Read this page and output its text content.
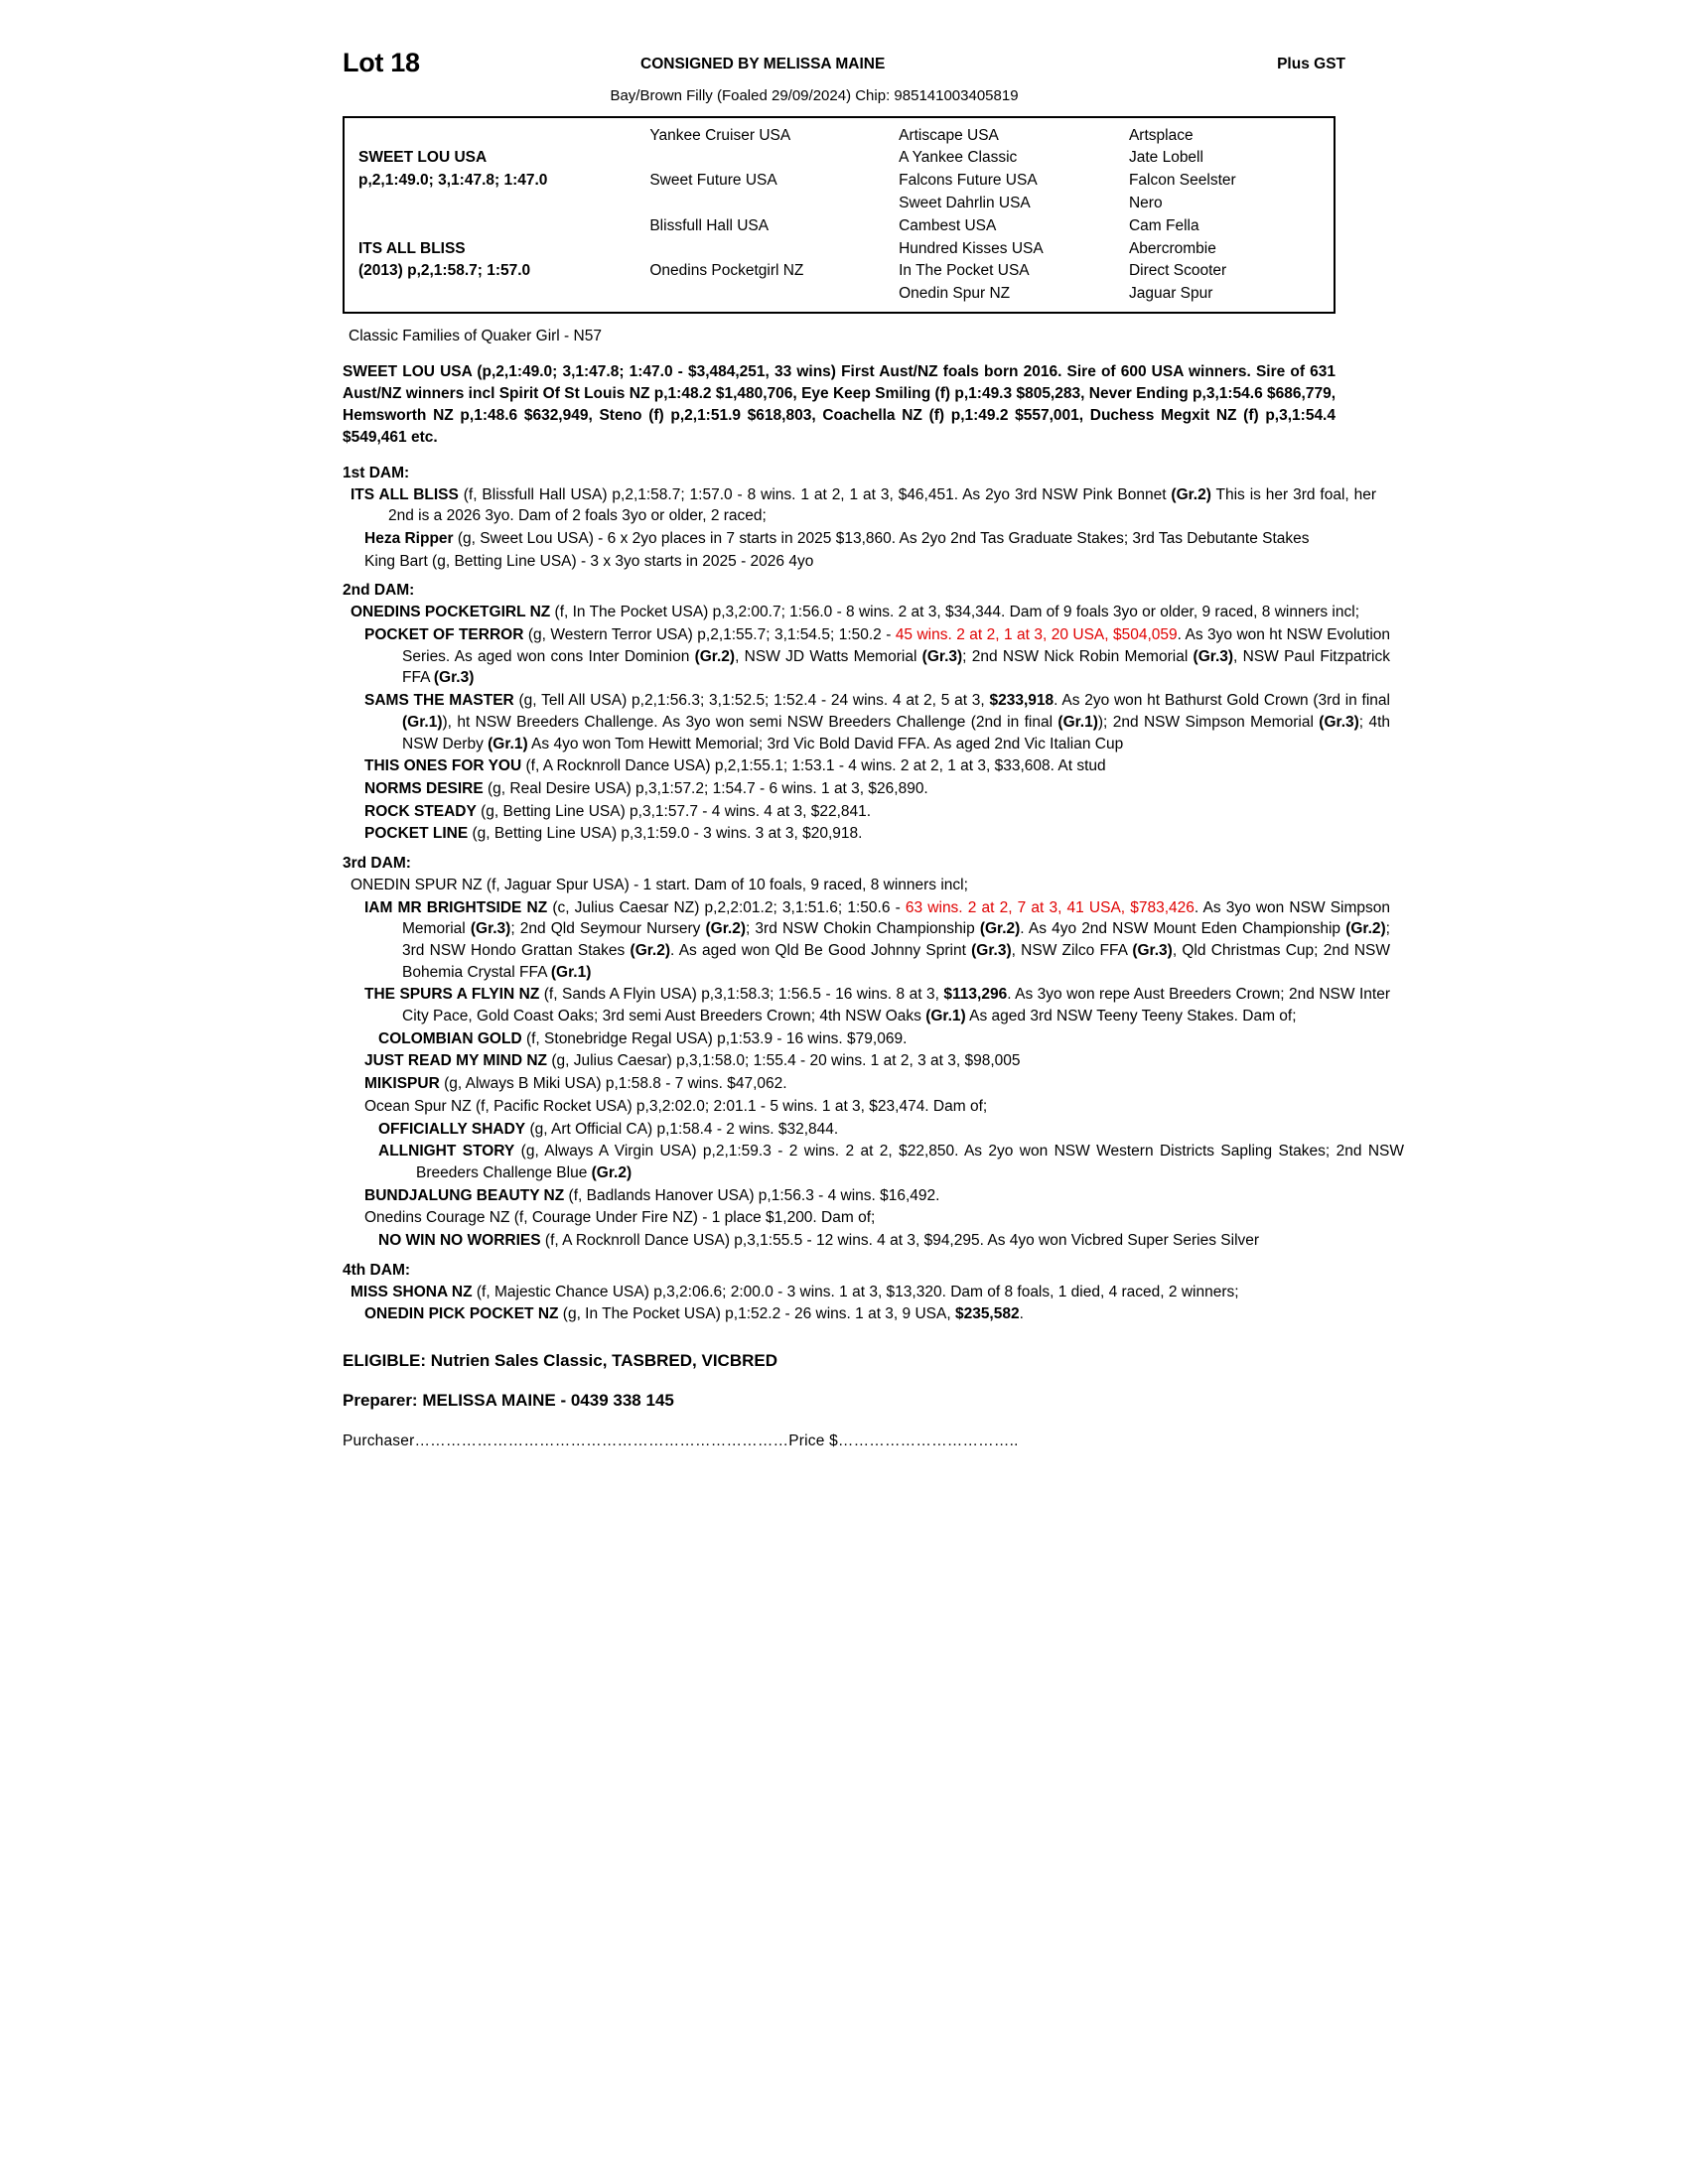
Lot 18	CONSIGNED BY MELISSA MAINE	Plus GST
Bay/Brown Filly (Foaled 29/09/2024) Chip: 985141003405819
	Yankee Cruiser USA	Artiscape USA	Artsplace
SWEET LOU USA		A Yankee Classic	Jate Lobell
p,2,1:49.0; 3,1:47.8; 1:47.0	Sweet Future USA	Falcons Future USA	Falcon Seelster
		Sweet Dahrlin USA	Nero
	Blissfull Hall USA	Cambest USA	Cam Fella
ITS ALL BLISS		Hundred Kisses USA	Abercrombie
(2013) p,2,1:58.7; 1:57.0	Onedins Pocketgirl NZ	In The Pocket USA	Direct Scooter
		Onedin Spur NZ	Jaguar Spur
Classic Families of Quaker Girl - N57
SWEET LOU USA (p,2,1:49.0; 3,1:47.8; 1:47.0 - $3,484,251, 33 wins) First Aust/NZ foals born 2016. Sire of 600 USA winners. Sire of 631 Aust/NZ winners incl Spirit Of St Louis NZ p,1:48.2 $1,480,706, Eye Keep Smiling (f) p,1:49.3 $805,283, Never Ending p,3,1:54.6 $686,779, Hemsworth NZ p,1:48.6 $632,949, Steno (f) p,2,1:51.9 $618,803, Coachella NZ (f) p,1:49.2 $557,001, Duchess Megxit NZ (f) p,3,1:54.4 $549,461 etc.
1st DAM:
ITS ALL BLISS (f, Blissfull Hall USA) p,2,1:58.7; 1:57.0 - 8 wins. 1 at 2, 1 at 3, $46,451. As 2yo 3rd NSW Pink Bonnet (Gr.2) This is her 3rd foal, her 2nd is a 2026 3yo. Dam of 2 foals 3yo or older, 2 raced;
Heza Ripper (g, Sweet Lou USA) - 6 x 2yo places in 7 starts in 2025 $13,860. As 2yo 2nd Tas Graduate Stakes; 3rd Tas Debutante Stakes
King Bart (g, Betting Line USA) - 3 x 3yo starts in 2025 - 2026 4yo
2nd DAM:
ONEDINS POCKETGIRL NZ (f, In The Pocket USA) p,3,2:00.7; 1:56.0 - 8 wins. 2 at 3, $34,344. Dam of 9 foals 3yo or older, 9 raced, 8 winners incl;
POCKET OF TERROR (g, Western Terror USA) p,2,1:55.7; 3,1:54.5; 1:50.2 - 45 wins. 2 at 2, 1 at 3, 20 USA, $504,059. As 3yo won ht NSW Evolution Series. As aged won cons Inter Dominion (Gr.2), NSW JD Watts Memorial (Gr.3); 2nd NSW Nick Robin Memorial (Gr.3), NSW Paul Fitzpatrick FFA (Gr.3)
SAMS THE MASTER (g, Tell All USA) p,2,1:56.3; 3,1:52.5; 1:52.4 - 24 wins. 4 at 2, 5 at 3, $233,918. As 2yo won ht Bathurst Gold Crown (3rd in final (Gr.1)), ht NSW Breeders Challenge. As 3yo won semi NSW Breeders Challenge (2nd in final (Gr.1)); 2nd NSW Simpson Memorial (Gr.3); 4th NSW Derby (Gr.1) As 4yo won Tom Hewitt Memorial; 3rd Vic Bold David FFA. As aged 2nd Vic Italian Cup
THIS ONES FOR YOU (f, A Rocknroll Dance USA) p,2,1:55.1; 1:53.1 - 4 wins. 2 at 2, 1 at 3, $33,608. At stud
NORMS DESIRE (g, Real Desire USA) p,3,1:57.2; 1:54.7 - 6 wins. 1 at 3, $26,890.
ROCK STEADY (g, Betting Line USA) p,3,1:57.7 - 4 wins. 4 at 3, $22,841.
POCKET LINE (g, Betting Line USA) p,3,1:59.0 - 3 wins. 3 at 3, $20,918.
3rd DAM:
ONEDIN SPUR NZ (f, Jaguar Spur USA) - 1 start. Dam of 10 foals, 9 raced, 8 winners incl;
IAM MR BRIGHTSIDE NZ (c, Julius Caesar NZ) p,2,2:01.2; 3,1:51.6; 1:50.6 - 63 wins. 2 at 2, 7 at 3, 41 USA, $783,426. As 3yo won NSW Simpson Memorial (Gr.3); 2nd Qld Seymour Nursery (Gr.2); 3rd NSW Chokin Championship (Gr.2). As 4yo 2nd NSW Mount Eden Championship (Gr.2); 3rd NSW Hondo Grattan Stakes (Gr.2). As aged won Qld Be Good Johnny Sprint (Gr.3), NSW Zilco FFA (Gr.3), Qld Christmas Cup; 2nd NSW Bohemia Crystal FFA (Gr.1)
THE SPURS A FLYIN NZ (f, Sands A Flyin USA) p,3,1:58.3; 1:56.5 - 16 wins. 8 at 3, $113,296. As 3yo won repe Aust Breeders Crown; 2nd NSW Inter City Pace, Gold Coast Oaks; 3rd semi Aust Breeders Crown; 4th NSW Oaks (Gr.1) As aged 3rd NSW Teeny Teeny Stakes. Dam of;
COLOMBIAN GOLD (f, Stonebridge Regal USA) p,1:53.9 - 16 wins. $79,069.
JUST READ MY MIND NZ (g, Julius Caesar) p,3,1:58.0; 1:55.4 - 20 wins. 1 at 2, 3 at 3, $98,005
MIKISPUR (g, Always B Miki USA) p,1:58.8 - 7 wins. $47,062.
Ocean Spur NZ (f, Pacific Rocket USA) p,3,2:02.0; 2:01.1 - 5 wins. 1 at 3, $23,474. Dam of;
OFFICIALLY SHADY (g, Art Official CA) p,1:58.4 - 2 wins. $32,844.
ALLNIGHT STORY (g, Always A Virgin USA) p,2,1:59.3 - 2 wins. 2 at 2, $22,850. As 2yo won NSW Western Districts Sapling Stakes; 2nd NSW Breeders Challenge Blue (Gr.2)
BUNDJALUNG BEAUTY NZ (f, Badlands Hanover USA) p,1:56.3 - 4 wins. $16,492.
Onedins Courage NZ (f, Courage Under Fire NZ) - 1 place $1,200. Dam of;
NO WIN NO WORRIES (f, A Rocknroll Dance USA) p,3,1:55.5 - 12 wins. 4 at 3, $94,295. As 4yo won Vicbred Super Series Silver
4th DAM:
MISS SHONA NZ (f, Majestic Chance USA) p,3,2:06.6; 2:00.0 - 3 wins. 1 at 3, $13,320. Dam of 8 foals, 1 died, 4 raced, 2 winners;
ONEDIN PICK POCKET NZ (g, In The Pocket USA) p,1:52.2 - 26 wins. 1 at 3, 9 USA, $235,582.
ELIGIBLE: Nutrien Sales Classic, TASBRED, VICBRED
Preparer: MELISSA MAINE - 0439 338 145
Purchaser………………………………………………………………Price $……………………………..
